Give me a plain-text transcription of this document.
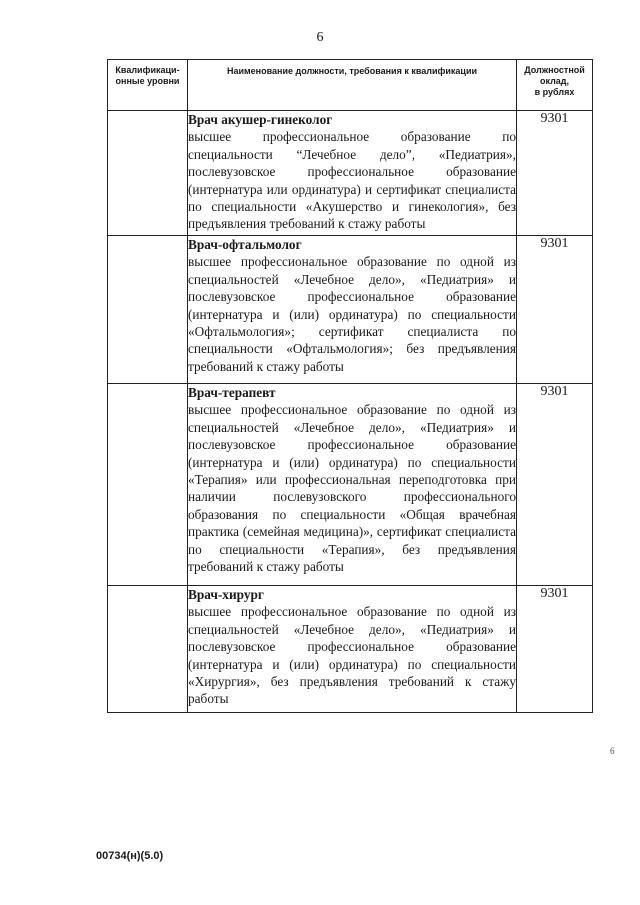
6
Квалификаци-
онные уровни	Наименование должности, требования к квалификации	Должностной
оклад,
в рублях

	Врач акушер-гинеколог
высшее профессиональное образование по специальности “Лечебное дело”, «Педиатрия», послевузовское профессиональное образование (интернатура или ординатура) и сертификат специалиста по специальности «Акушерство и гинекология», без предъявления требований к стажу работы	9301

	Врач-офтальмолог
высшее профессиональное образование по одной из специальностей «Лечебное дело», «Педиатрия» и послевузовское профессиональное образование (интернатура и (или) ординатура) по специальности «Офтальмология»; сертификат специалиста по специальности «Офтальмология»; без предъявления требований к стажу работы	9301

	Врач-терапевт
высшее профессиональное образование по одной из специальностей «Лечебное дело», «Педиатрия» и послевузовское профессиональное образование (интернатура и (или) ординатура) по специальности «Терапия» или профессиональная переподготовка при наличии послевузовского профессионального образования по специальности «Общая врачебная практика (семейная медицина)», сертификат специалиста по специальности «Терапия», без предъявления требований к стажу работы	9301

	Врач-хирург
высшее профессиональное образование по одной из специальностей «Лечебное дело», «Педиатрия» и послевузовское профессиональное образование (интернатура и (или) ординатура) по специальности «Хирургия», без предъявления требований к стажу работы	9301
6
00734(н)(5.0)
